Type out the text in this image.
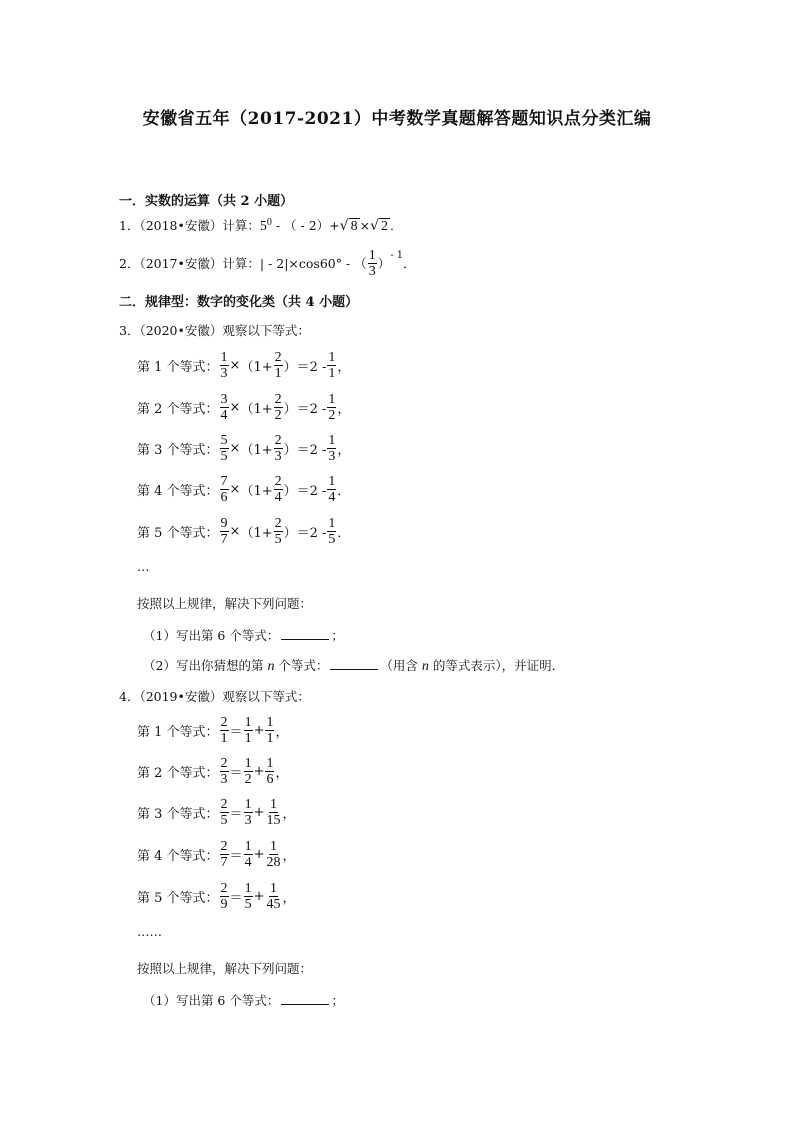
安徽省五年（2017-2021）中考数学真题解答题知识点分类汇编
一．实数的运算（共 2 小题）
1．（2018•安徽）计算：$5^0$ - （ - 2）+√ 8 ×√ 2 ．
2．（2017•安徽）计算：| - 2|×cos60° - （ $\frac{1}{3}$ ）
$^{- 1}$
．
二．规律型：数字的变化类（共 4 小题）
3．（2020•安徽）观察以下等式：
第 1 个等式： $\frac{1}{3} \times (1+ \frac{2}{1} )=2 - \frac{1}{1}$ ，
第 2 个等式： $\frac{3}{4} \times (1+ \frac{2}{2} )=2 - \frac{1}{2}$ ，
第 3 个等式： $\frac{5}{5} \times (1+ \frac{2}{3} )=2 - \frac{1}{3}$ ，
第 4 个等式： $\frac{7}{6} \times (1+ \frac{2}{4} )=2 - \frac{1}{4}$ ．
第 5 个等式： $\frac{9}{7} \times (1+ \frac{2}{5} )=2 - \frac{1}{5}$ ．
…
按照以上规律，解决下列问题：
（1）写出第 6 个等式：	；
（2）写出你猜想的第 n 个等式：	（用含 n 的等式表示），并证明．
4．（2019•安徽）观察以下等式：
第 1 个等式： $\frac{2}{1} = \frac{1}{1} + \frac{1}{1}$ ，
第 2 个等式： $\frac{2}{3} = \frac{1}{2} + \frac{1}{6}$ ，
第 3 个等式： $\frac{2}{5} = \frac{1}{3} + \frac{1}{15}$ ，
第 4 个等式： $\frac{2}{7} = \frac{1}{4} + \frac{1}{28}$ ，
第 5 个等式： $\frac{2}{9} = \frac{1}{5} + \frac{1}{45}$ ，
……
按照以上规律，解决下列问题：
（1）写出第 6 个等式：	；
